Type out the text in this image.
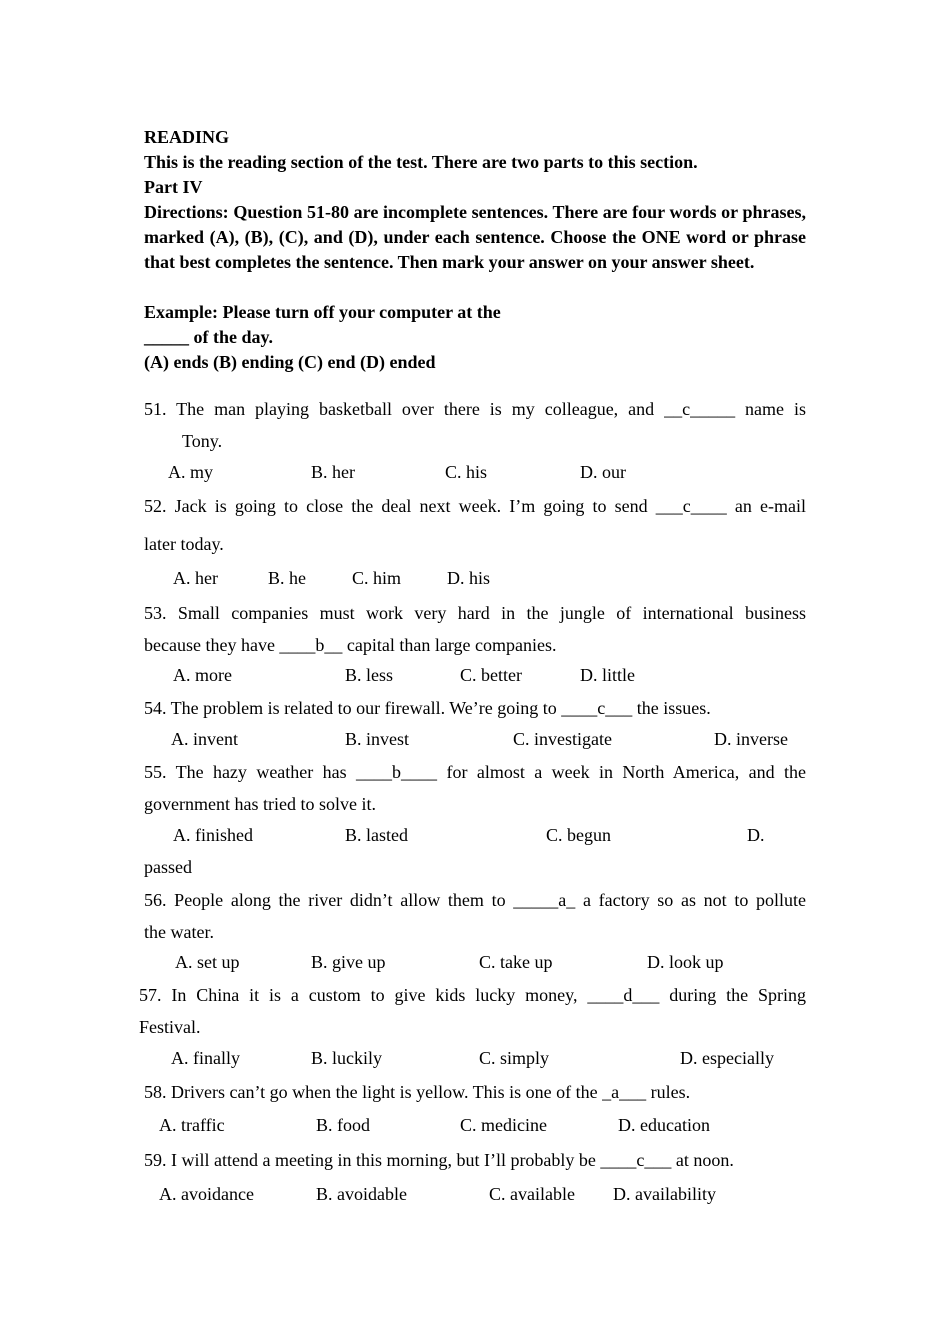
READING
This is the reading section of the test. There are two parts to this section.
Part IV
Directions: Question 51-80 are incomplete sentences. There are four words or phrases, marked (A), (B), (C), and (D), under each sentence. Choose the ONE word or phrase that best completes the sentence. Then mark your answer on your answer sheet.
Example: Please turn off your computer at the
_____ of the day.
(A) ends (B) ending (C) end (D) ended
51. The man playing basketball over there is my colleague, and __c_____ name is
Tony.
A. my	B. her	C. his	D. our
52. Jack is going to close the deal next week. I’m going to send ___c____ an e-mail
later today.
A. her	B. he	C. him	D. his
53. Small companies must work very hard in the jungle of international business
because they have ____b__ capital than large companies.
A. more	B. less	C. better	D. little
54. The problem is related to our firewall. We’re going to ____c___ the issues.
A. invent	B. invest	C. investigate	D. inverse
55. The hazy weather has ____b____ for almost a week in North America, and the
government has tried to solve it.
A. finished	B. lasted	C. begun	D.
passed
56. People along the river didn’t allow them to _____a_ a factory so as not to pollute
the water.
A. set up	B. give up	C. take up	D. look up
57. In China it is a custom to give kids lucky money, ____d___ during the Spring
Festival.
A. finally	B. luckily	C. simply	D. especially
58. Drivers can’t go when the light is yellow. This is one of the _a___ rules.
A. traffic	B. food	C. medicine	D. education
59. I will attend a meeting in this morning, but I’ll probably be ____c___ at noon.
A. avoidance	B. avoidable	C. available D. availability
